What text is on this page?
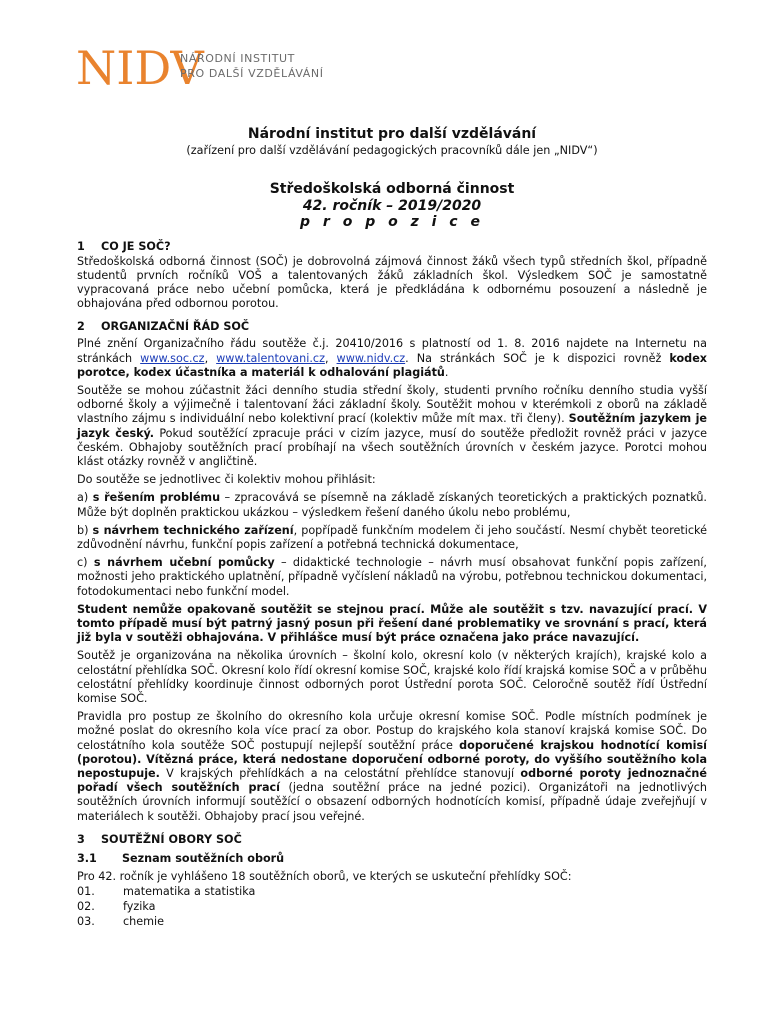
NIDV
NÁRODNÍ INSTITUT
PRO DALŠÍ VZDĚLÁVÁNÍ
Národní institut pro další vzdělávání
(zařízení pro další vzdělávání pedagogických pracovníků dále jen „NIDV“)
Středoškolská odborná činnost
42. ročník – 2019/2020
p r o p o z i c e
1 CO JE SOČ?

Středoškolská odborná činnost (SOČ) je dobrovolná zájmová činnost žáků všech typů středních škol, případně studentů prvních ročníků VOŠ a talentovaných žáků základních škol. Výsledkem SOČ je samostatně vypracovaná práce nebo učební pomůcka, která je předkládána k odbornému posouzení a následně je obhajována před odbornou porotou.

2 ORGANIZAČNÍ ŘÁD SOČ

Plné znění Organizačního řádu soutěže č.j. 20410/2016 s platností od 1. 8. 2016 najdete na Internetu na stránkách www.soc.cz, www.talentovani.cz, www.nidv.cz. Na stránkách SOČ je k dispozici rovněž kodex porotce, kodex účastníka a materiál k odhalování plagiátů.

Soutěže se mohou zúčastnit žáci denního studia střední školy, studenti prvního ročníku denního studia vyšší odborné školy a výjimečně i talentovaní žáci základní školy. Soutěžit mohou v kterémkoli z oborů na základě vlastního zájmu s individuální nebo kolektivní prací (kolektiv může mít max. tři členy). Soutěžním jazykem je jazyk český. Pokud soutěžící zpracuje práci v cizím jazyce, musí do soutěže předložit rovněž práci v jazyce českém. Obhajoby soutěžních prací probíhají na všech soutěžních úrovních v českém jazyce. Porotci mohou klást otázky rovněž v angličtině.

Do soutěže se jednotlivec či kolektiv mohou přihlásit:

a) s řešením problému – zpracovává se písemně na základě získaných teoretických a praktických poznatků. Může být doplněn praktickou ukázkou – výsledkem řešení daného úkolu nebo problému,

b) s návrhem technického zařízení, popřípadě funkčním modelem či jeho součástí. Nesmí chybět teoretické zdůvodnění návrhu, funkční popis zařízení a potřebná technická dokumentace,

c) s návrhem učební pomůcky – didaktické technologie – návrh musí obsahovat funkční popis zařízení, možnosti jeho praktického uplatnění, případně vyčíslení nákladů na výrobu, potřebnou technickou dokumentaci, fotodokumentaci nebo funkční model.

Student nemůže opakovaně soutěžit se stejnou prací. Může ale soutěžit s tzv. navazující prací. V tomto případě musí být patrný jasný posun při řešení dané problematiky ve srovnání s prací, která již byla v soutěži obhajována. V přihlášce musí být práce označena jako práce navazující.

Soutěž je organizována na několika úrovních – školní kolo, okresní kolo (v některých krajích), krajské kolo a celostátní přehlídka SOČ. Okresní kolo řídí okresní komise SOČ, krajské kolo řídí krajská komise SOČ a v průběhu celostátní přehlídky koordinuje činnost odborných porot Ústřední porota SOČ. Celoročně soutěž řídí Ústřední komise SOČ.

Pravidla pro postup ze školního do okresního kola určuje okresní komise SOČ. Podle místních podmínek je možné poslat do okresního kola více prací za obor. Postup do krajského kola stanoví krajská komise SOČ. Do celostátního kola soutěže SOČ postupují nejlepší soutěžní práce doporučené krajskou hodnotící komisí (porotou). Vítězná práce, která nedostane doporučení odborné poroty, do vyššího soutěžního kola nepostupuje. V krajských přehlídkách a na celostátní přehlídce stanovují odborné poroty jednoznačné pořadí všech soutěžních prací (jedna soutěžní práce na jedné pozici). Organizátoři na jednotlivých soutěžních úrovních informují soutěžící o obsazení odborných hodnotících komisí, případně údaje zveřejňují v materiálech k soutěži. Obhajoby prací jsou veřejné.

3 SOUTĚŽNÍ OBORY SOČ
3.1 Seznam soutěžních oborů

Pro 42. ročník je vyhlášeno 18 soutěžních oborů, ve kterých se uskuteční přehlídky SOČ:

01.	matematika a statistika
02.	fyzika
03.	chemie
